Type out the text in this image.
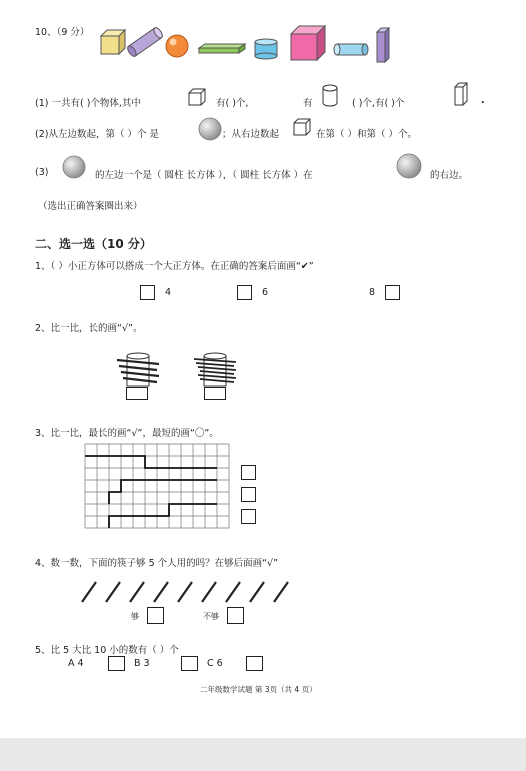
10、（9 分）
(1) 一共有( )个物体,其中	有( )个,	有	( )个,有( )个	.
(2)从左边数起，第（ ）个 是	；从右边数起	在第（ ）和第（ ）个。
(3)	的左边一个是（ 圆柱 长方体 ），（ 圆柱 长方体 ）在	的右边。
（选出正确答案圈出来）
二、选一选（10 分）
1、（ ）小正方体可以搭成一个大正方体。在正确的答案后面画“✔”
4	6	8
2、比一比，长的画“√”。
3、比一比，最长的画“√”，最短的画“〇”。
4、数一数，下面的筷子够 5 个人用的吗？在够后面画“√”
够	不够
5、比 5 大比 10 小的数有（ ）个
A 4	B 3	C 6
二年级数学试题 第 3页（共 4 页）
